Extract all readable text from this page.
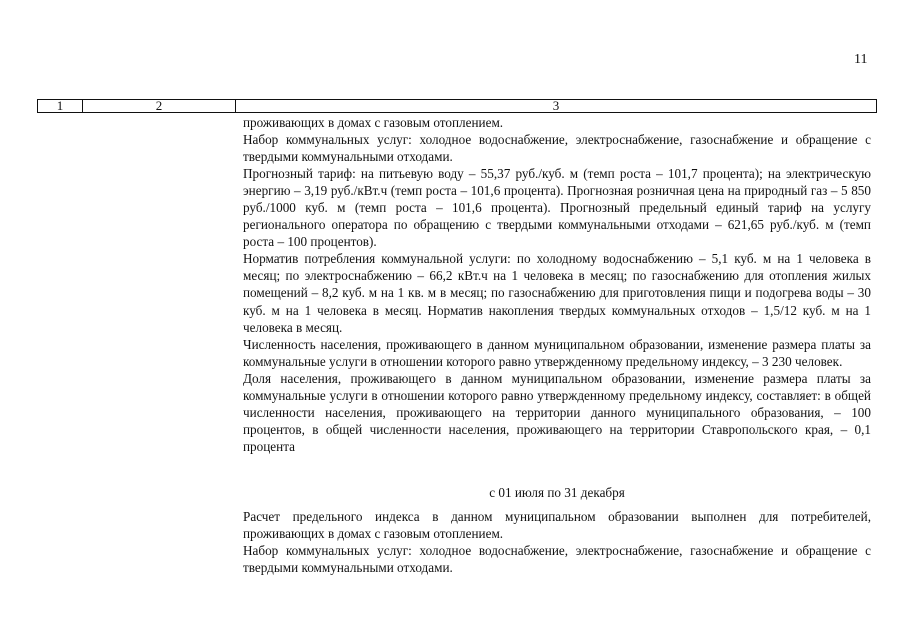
11
1	2	3

проживающих в домах с газовым отоплением.

Набор коммунальных услуг: холодное водоснабжение, электроснабжение, газоснабжение и обращение с твердыми коммунальными отходами.

Прогнозный тариф: на питьевую воду – 55,37 руб./куб. м (темп роста – 101,7 процента); на электрическую энергию – 3,19 руб./кВт.ч (темп роста – 101,6 процента). Прогнозная розничная цена на природный газ – 5 850 руб./1000 куб. м (темп роста – 101,6 процента). Прогнозный предельный единый тариф на услугу регионального оператора по обращению с твердыми коммунальными отходами – 621,65 руб./куб. м (темп роста – 100 процентов).

Норматив потребления коммунальной услуги: по холодному водоснабжению – 5,1 куб. м на 1 человека в месяц; по электроснабжению – 66,2 кВт.ч на 1 человека в месяц; по газоснабжению для отопления жилых помещений – 8,2 куб. м на 1 кв. м в месяц; по газоснабжению для приготовления пищи и подогрева воды – 30 куб. м на 1 человека в месяц. Норматив накопления твердых коммунальных отходов – 1,5/12 куб. м на 1 человека в месяц.

Численность населения, проживающего в данном муниципальном образовании, изменение размера платы за коммунальные услуги в отношении которого равно утвержденному предельному индексу, – 3 230 человек.

Доля населения, проживающего в данном муниципальном образовании, изменение размера платы за коммунальные услуги в отношении которого равно утвержденному предельному индексу, составляет: в общей численности населения, проживающего на территории данного муниципального образования, – 100 процентов, в общей численности населения, проживающего на территории Ставропольского края, – 0,1 процента

с 01 июля по 31 декабря

Расчет предельного индекса в данном муниципальном образовании выполнен для потребителей, проживающих в домах с газовым отоплением.

Набор коммунальных услуг: холодное водоснабжение, электроснабжение, газоснабжение и обращение с твердыми коммунальными отходами.
